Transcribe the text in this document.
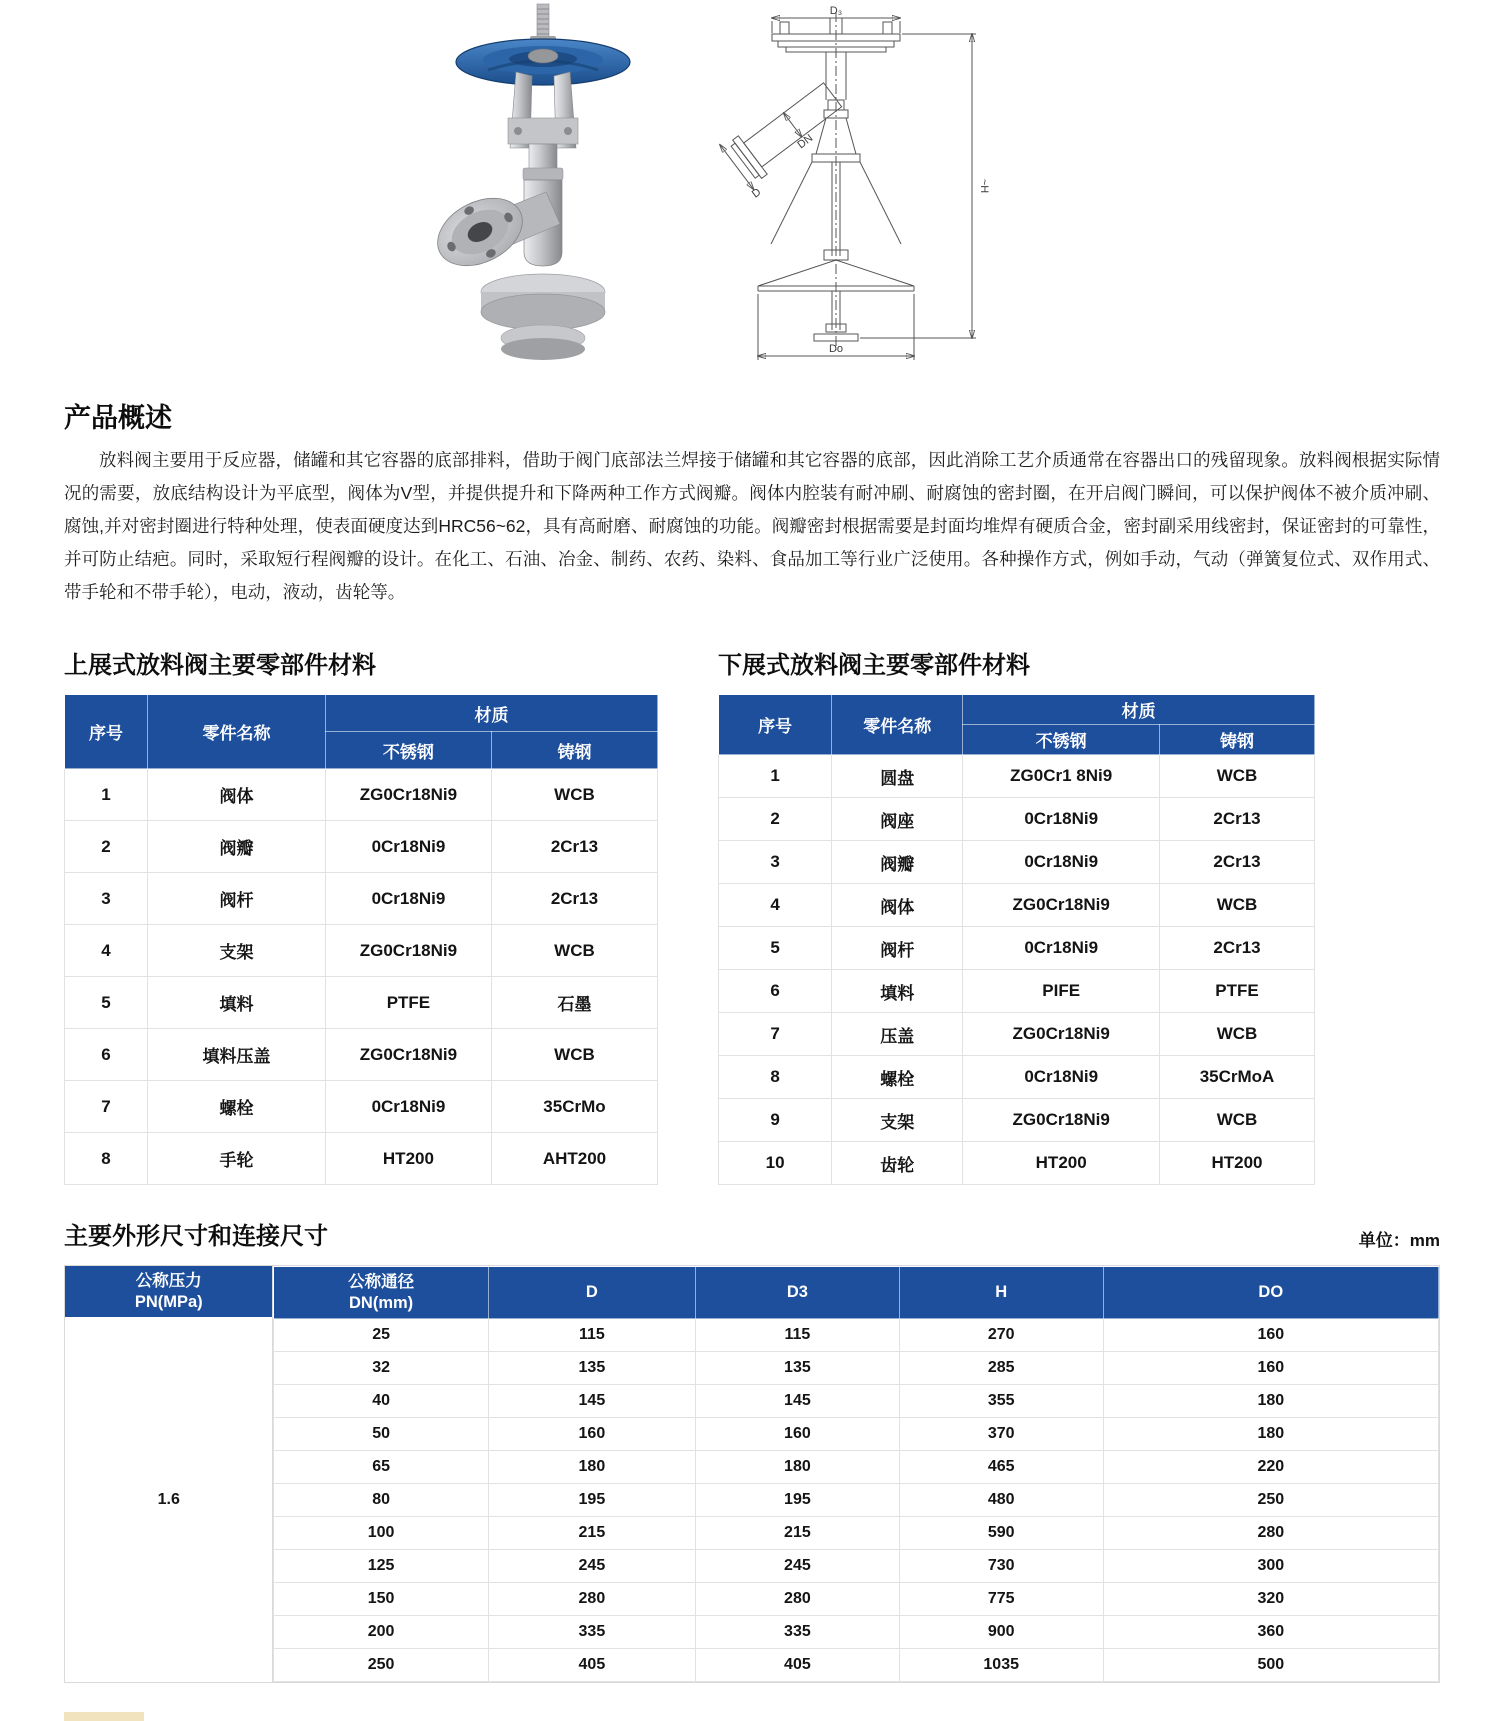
D₃
DN
D
Do
~H
产品概述

放料阀主要用于反应器，储罐和其它容器的底部排料，借助于阀门底部法兰焊接于储罐和其它容器的底部，因此消除工艺介质通常在容器出口的残留现象。放料阀根据实际情况的需要，放底结构设计为平底型，阀体为V型，并提供提升和下降两种工作方式阀瓣。阀体内腔装有耐冲刷、耐腐蚀的密封圈，在开启阀门瞬间，可以保护阀体不被介质冲刷、腐蚀,并对密封圈进行特种处理，使表面硬度达到HRC56~62，具有高耐磨、耐腐蚀的功能。阀瓣密封根据需要是封面均堆焊有硬质合金，密封副采用线密封，保证密封的可靠性，并可防止结疤。同时，采取短行程阀瓣的设计。在化工、石油、冶金、制药、农药、染料、食品加工等行业广泛使用。各种操作方式，例如手动，气动（弹簧复位式、双作用式、带手轮和不带手轮），电动，液动，齿轮等。

上展式放料阀主要零部件材料
序号	零件名称	材质	
		不锈钢	铸钢
1	阀体	ZG0Cr18Ni9	WCB
2	阀瓣	0Cr18Ni9	2Cr13
3	阀杆	0Cr18Ni9	2Cr13
4	支架	ZG0Cr18Ni9	WCB
5	填料	PTFE	石墨
6	填料压盖	ZG0Cr18Ni9	WCB
7	螺栓	0Cr18Ni9	35CrMo
8	手轮	HT200	AHT200
下展式放料阀主要零部件材料
序号	零件名称	材质	
		不锈钢	铸钢
1	圆盘	ZG0Cr1 8Ni9	WCB
2	阀座	0Cr18Ni9	2Cr13
3	阀瓣	0Cr18Ni9	2Cr13
4	阀体	ZG0Cr18Ni9	WCB
5	阀杆	0Cr18Ni9	2Cr13
6	填料	PIFE	PTFE
7	压盖	ZG0Cr18Ni9	WCB
8	螺栓	0Cr18Ni9	35CrMoA
9	支架	ZG0Cr18Ni9	WCB
10	齿轮	HT200	HT200
主要外形尺寸和连接尺寸	单位：mm
公称压力
PN(MPa)
1.6
公称通径
DN(mm)	D	D3	H	DO
25	115	115	270	160
32	135	135	285	160
40	145	145	355	180
50	160	160	370	180
65	180	180	465	220
80	195	195	480	250
100	215	215	590	280
125	245	245	730	300
150	280	280	775	320
200	335	335	900	360
250	405	405	1035	500
